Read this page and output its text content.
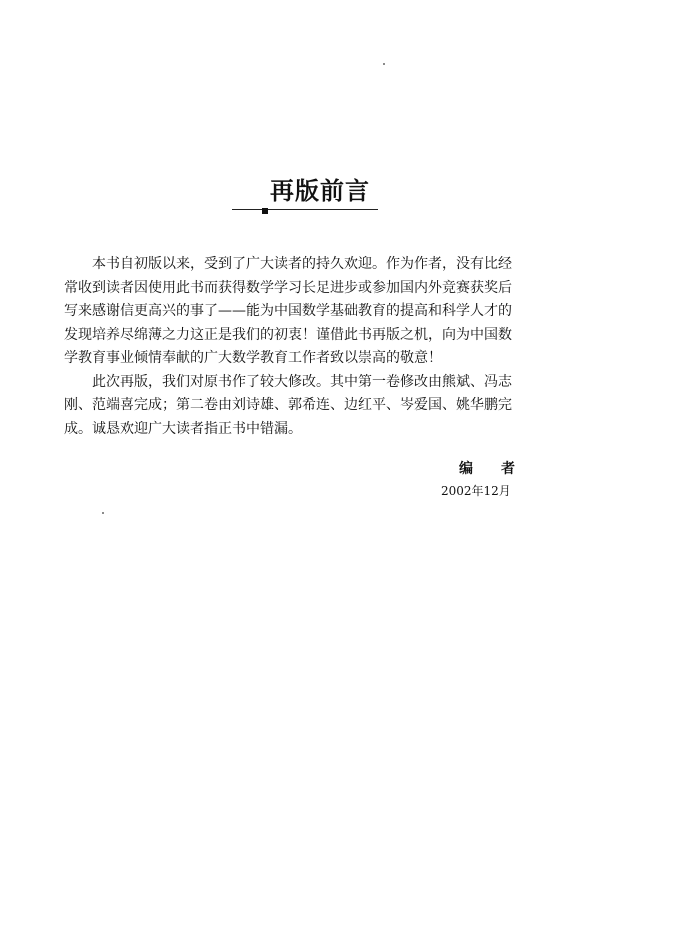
再版前言
本书自初版以来，受到了广大读者的持久欢迎。作为作者，没有比经
常收到读者因使用此书而获得数学学习长足进步或参加国内外竞赛获奖后
写来感谢信更高兴的事了——能为中国数学基础教育的提高和科学人才的
发现培养尽绵薄之力这正是我们的初衷！谨借此书再版之机，向为中国数
学教育事业倾情奉献的广大数学教育工作者致以崇高的敬意！
此次再版，我们对原书作了较大修改。其中第一卷修改由熊斌、冯志
刚、范端喜完成；第二卷由刘诗雄、郭希连、边红平、岑爱国、姚华鹏完
成。诚恳欢迎广大读者指正书中错漏。
编者
2002年12月
